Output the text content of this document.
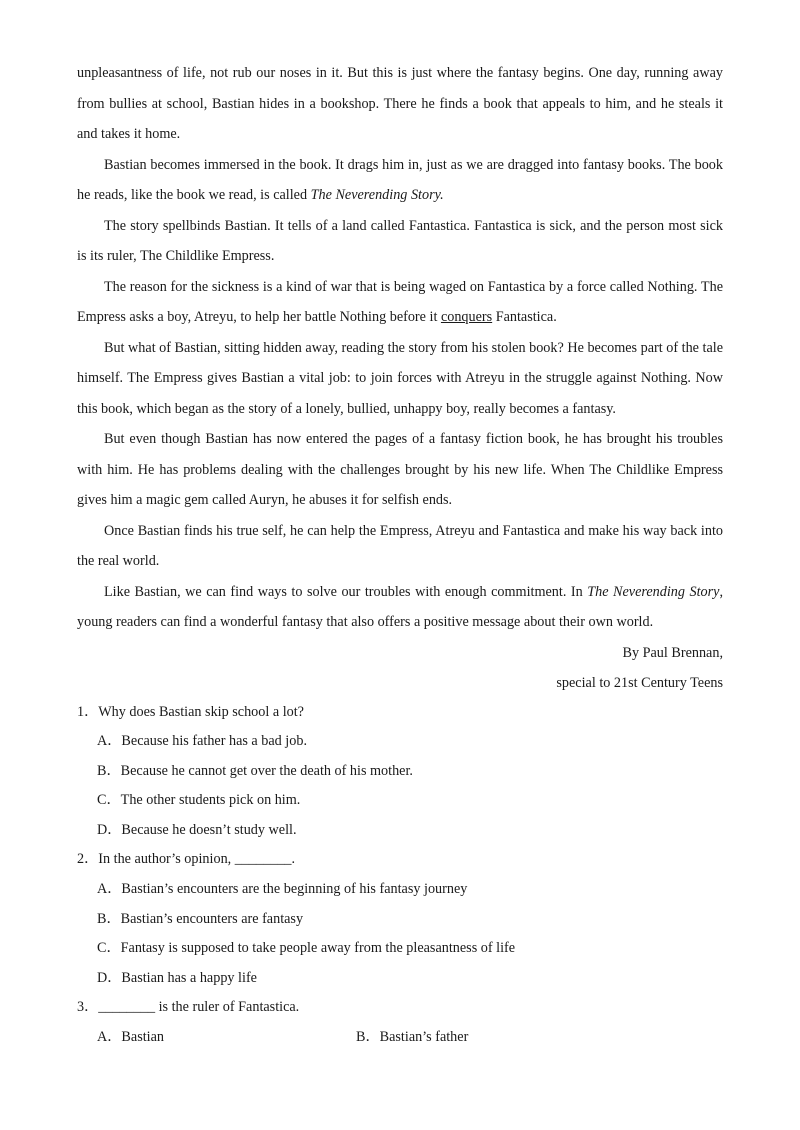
unpleasantness of life, not rub our noses in it. But this is just where the fantasy begins. One day, running away from bullies at school, Bastian hides in a bookshop. There he finds a book that appeals to him, and he steals it and takes it home.

Bastian becomes immersed in the book. It drags him in, just as we are dragged into fantasy books. The book he reads, like the book we read, is called The Neverending Story.

The story spellbinds Bastian. It tells of a land called Fantastica. Fantastica is sick, and the person most sick is its ruler, The Childlike Empress.

The reason for the sickness is a kind of war that is being waged on Fantastica by a force called Nothing. The Empress asks a boy, Atreyu, to help her battle Nothing before it conquers Fantastica.

But what of Bastian, sitting hidden away, reading the story from his stolen book? He becomes part of the tale himself. The Empress gives Bastian a vital job: to join forces with Atreyu in the struggle against Nothing. Now this book, which began as the story of a lonely, bullied, unhappy boy, really becomes a fantasy.

But even though Bastian has now entered the pages of a fantasy fiction book, he has brought his troubles with him. He has problems dealing with the challenges brought by his new life. When The Childlike Empress gives him a magic gem called Auryn, he abuses it for selfish ends.

Once Bastian finds his true self, he can help the Empress, Atreyu and Fantastica and make his way back into the real world.

Like Bastian, we can find ways to solve our troubles with enough commitment. In The Neverending Story, young readers can find a wonderful fantasy that also offers a positive message about their own world.

By Paul Brennan,

special to 21st Century Teens

1．Why does Bastian skip school a lot?

A．Because his father has a bad job.

B．Because he cannot get over the death of his mother.

C．The other students pick on him.

D．Because he doesn’t study well.

2．In the author’s opinion, ________.

A．Bastian’s encounters are the beginning of his fantasy journey

B．Bastian’s encounters are fantasy

C．Fantasy is supposed to take people away from the pleasantness of life

D．Bastian has a happy life

3．________ is the ruler of Fantastica.

A．Bastian	B．Bastian’s father
